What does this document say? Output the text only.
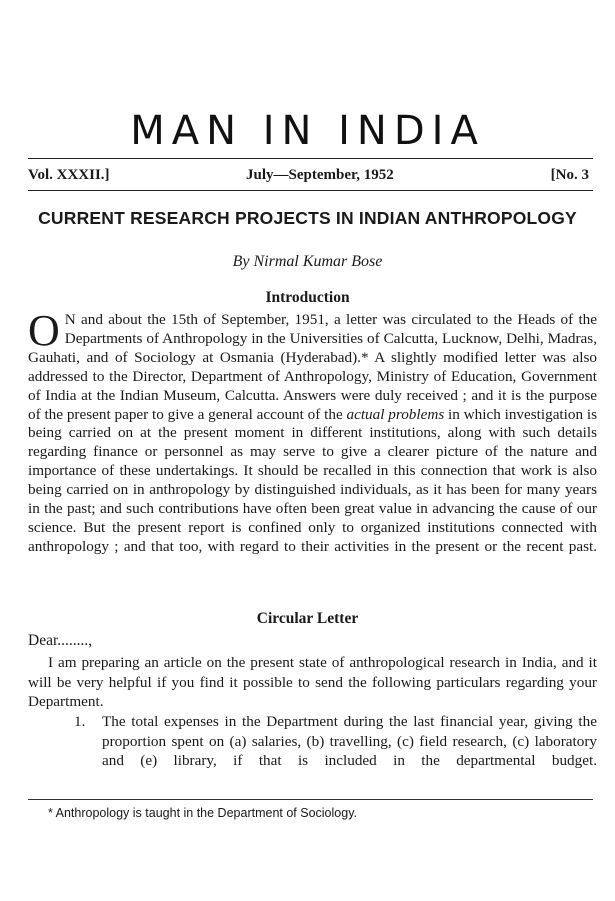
MAN IN INDIA
Vol. XXXII.]	July—September, 1952	[No. 3
CURRENT RESEARCH PROJECTS IN INDIAN ANTHROPOLOGY
By Nirmal Kumar Bose
Introduction
O N and about the 15th of September, 1951, a letter was circulated to the Heads of the Departments of Anthropology in the Universities of Calcutta, Lucknow, Delhi, Madras, Gauhati, and of Sociology at Osmania (Hyderabad).* A slightly modified letter was also addressed to the Director, Department of Anthropology, Ministry of Education, Government of India at the Indian Museum, Calcutta. Answers were duly received ; and it is the purpose of the present paper to give a general account of the actual problems in which investigation is being carried on at the present moment in different institutions, along with such details regarding finance or personnel as may serve to give a clearer picture of the nature and importance of these undertakings. It should be recalled in this connection that work is also being carried on in anthropology by distinguished individuals, as it has been for many years in the past; and such contributions have often been great value in advancing the cause of our science. But the present report is confined only to organized institutions connected with anthropology ; and that too, with regard to their activities in the present or the recent past.
Circular Letter
Dear........,
I am preparing an article on the present state of anthropological research in India, and it will be very helpful if you find it possible to send the following particulars regarding your Department.
1. The total expenses in the Department during the last financial year, giving the proportion spent on (a) salaries, (b) travelling, (c) field research, (c) laboratory and (e) library, if that is included in the departmental budget.
* Anthropology is taught in the Department of Sociology.
